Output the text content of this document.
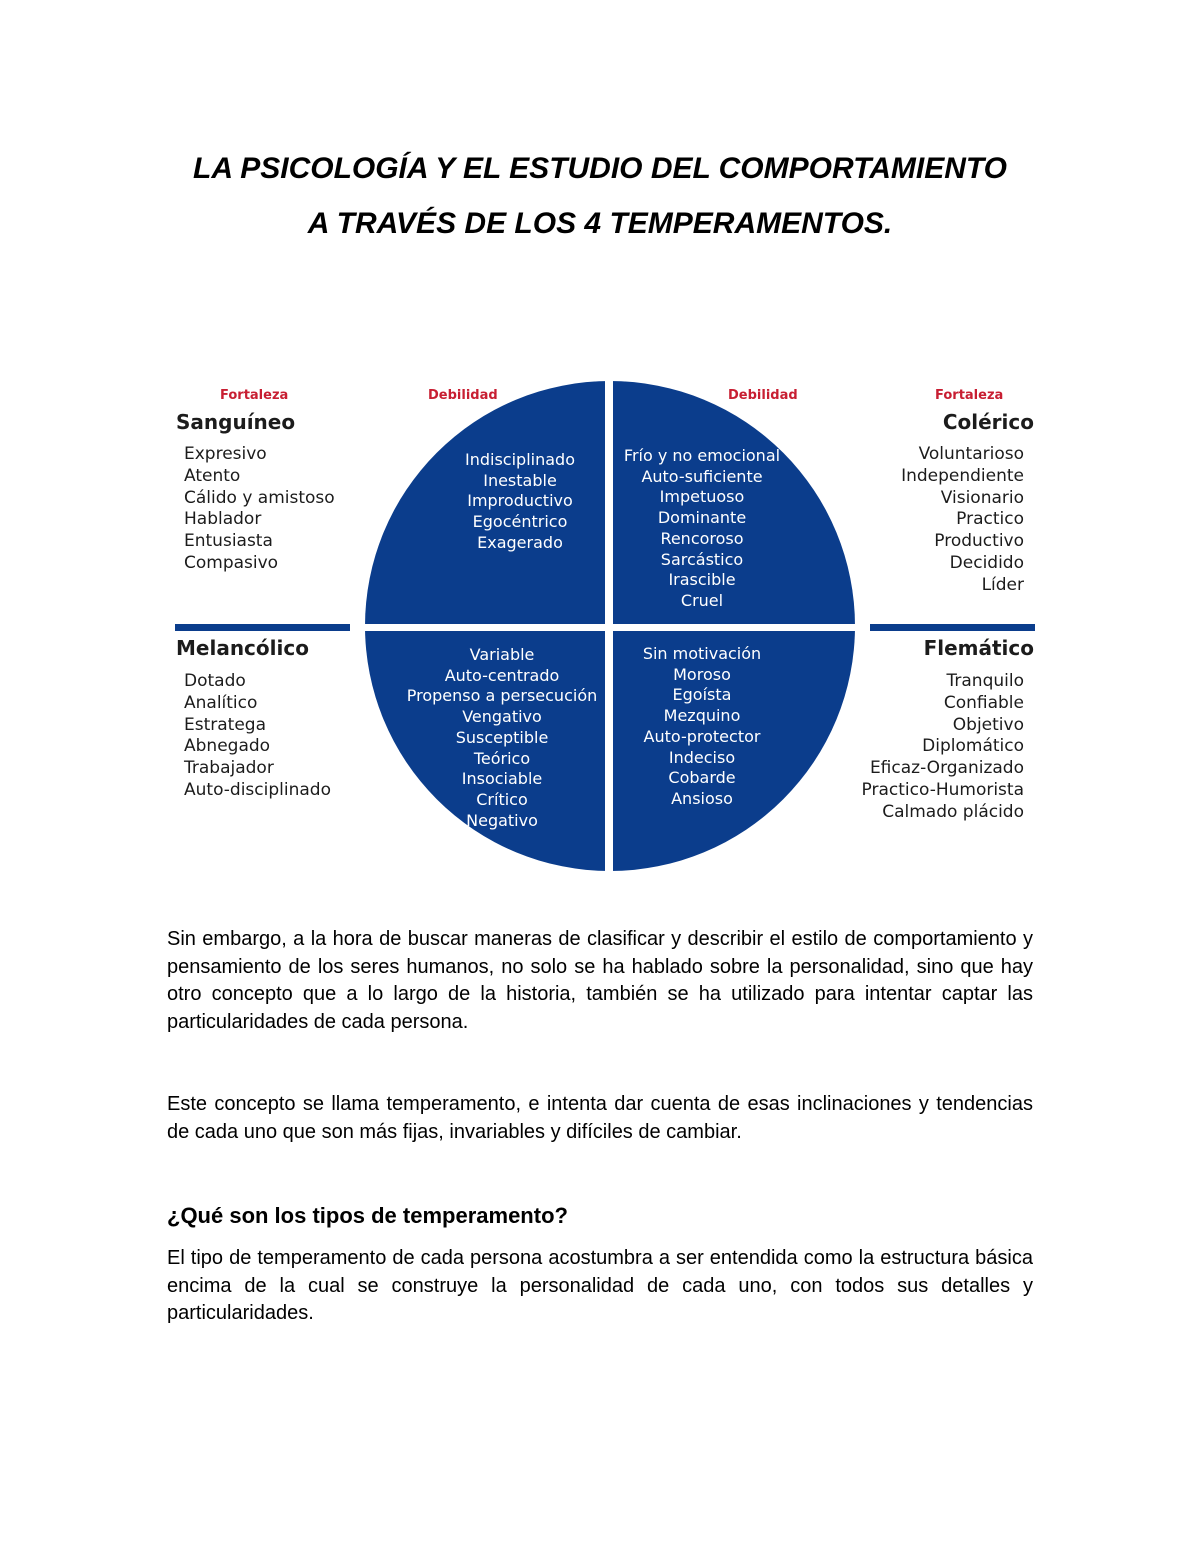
LA PSICOLOGÍA Y EL ESTUDIO DEL COMPORTAMIENTO
A TRAVÉS DE LOS 4 TEMPERAMENTOS.
Fortaleza	Debilidad	Debilidad	Fortaleza
Sanguíneo	Colérico
Melancólico	Flemático
Expresivo
Atento
Cálido y amistoso
Hablador
Entusiasta
Compasivo
Voluntarioso
Independiente
Visionario
Practico
Productivo
Decidido
Líder
Dotado
Analítico
Estratega
Abnegado
Trabajador
Auto-disciplinado
Tranquilo
Confiable
Objetivo
Diplomático
Eficaz-Organizado
Practico-Humorista
Calmado plácido
Indisciplinado
Inestable
Improductivo
Egocéntrico
Exagerado
Frío y no emocional
Auto-suficiente
Impetuoso
Dominante
Rencoroso
Sarcástico
Irascible
Cruel
Variable
Auto-centrado
Propenso a persecución
Vengativo
Susceptible
Teórico
Insociable
Crítico
Negativo
Sin motivación
Moroso
Egoísta
Mezquino
Auto-protector
Indeciso
Cobarde
Ansioso
Sin embargo, a la hora de buscar maneras de clasificar y describir el estilo de comportamiento y pensamiento de los seres humanos, no solo se ha hablado sobre la personalidad, sino que hay otro concepto que a lo largo de la historia, también se ha utilizado para intentar captar las particularidades de cada persona.
Este concepto se llama temperamento, e intenta dar cuenta de esas inclinaciones y tendencias de cada uno que son más fijas, invariables y difíciles de cambiar.
¿Qué son los tipos de temperamento?
El tipo de temperamento de cada persona acostumbra a ser entendida como la estructura básica encima de la cual se construye la personalidad de cada uno, con todos sus detalles y particularidades.
